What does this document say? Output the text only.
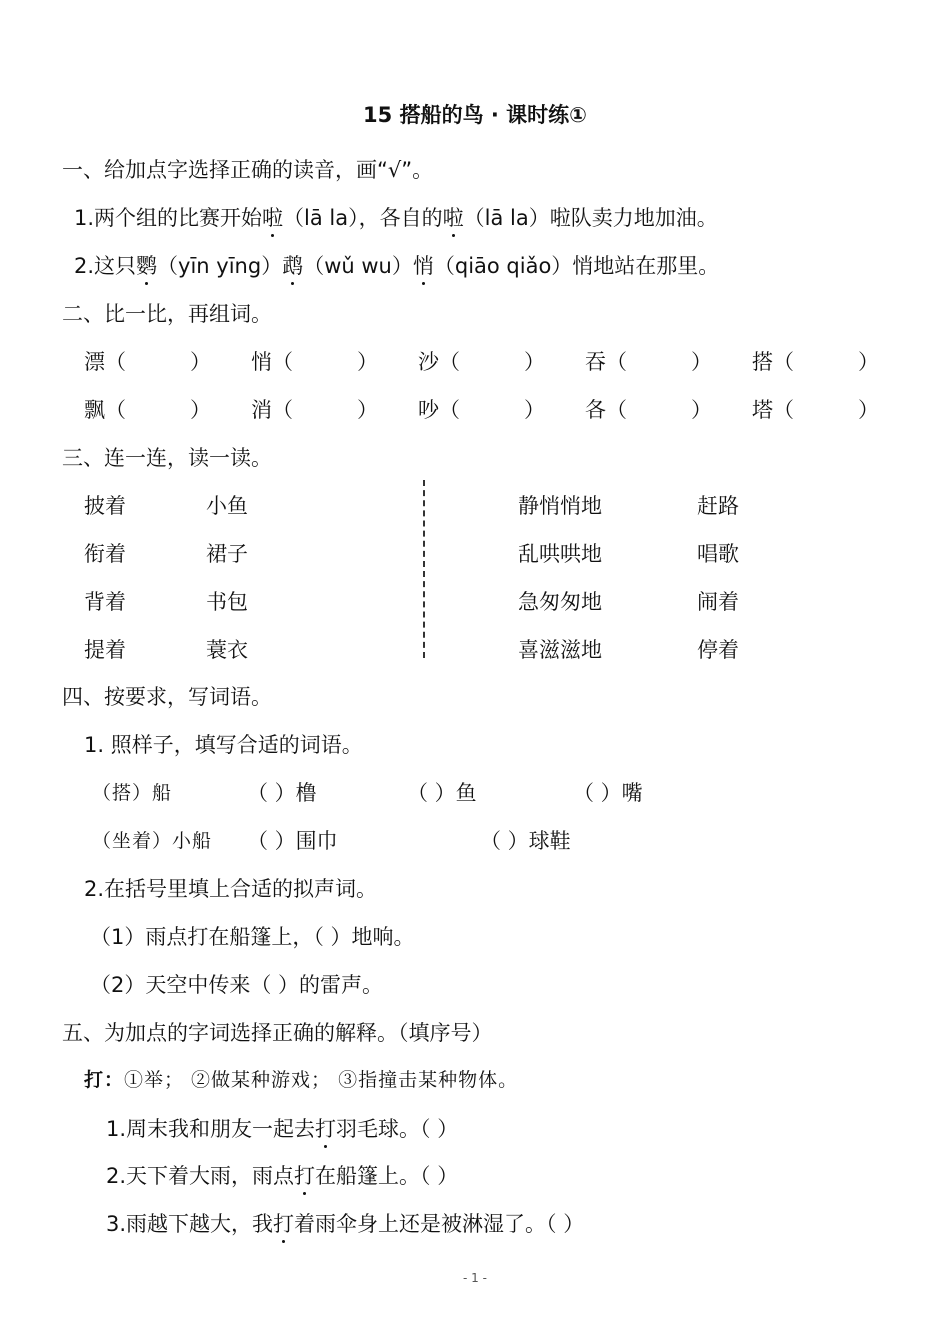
15 搭船的鸟 · 课时练①
一、给加点字选择正确的读音，画“√”。
1.两个组的比赛开始啦（lā la），各自的啦（lā la）啦队卖力地加油。
2.这只鹦（yīn yīng）鹉（wǔ wu）悄（qiāo qiǎo）悄地站在那里。
二、比一比，再组词。
漂（	） 悄（	） 沙（	） 吞（	） 搭（	）
飘（	） 消（	） 吵（	） 各（	） 塔（	）
三、连一连，读一读。
披着	小鱼
衔着	裙子
背着	书包
提着	蓑衣
静悄悄地	赶路
乱哄哄地	唱歌
急匆匆地	闹着
喜滋滋地	停着
四、按要求，写词语。
1. 照样子，填写合适的词语。
（搭）船	（ ）橹	（ ）鱼	（ ）嘴
（坐着）小船 （ ）围巾	（ ）球鞋
2.在括号里填上合适的拟声词。
（1）雨点打在船篷上，（ ）地响。
（2）天空中传来（ ）的雷声。
五、为加点的字词选择正确的解释。（填序号）
打：①举； ②做某种游戏； ③指撞击某种物体。
1.周末我和朋友一起去打羽毛球。（ ）
2.天下着大雨，雨点打在船篷上。（ ）
3.雨越下越大，我打着雨伞身上还是被淋湿了。（ ）
- 1 -
